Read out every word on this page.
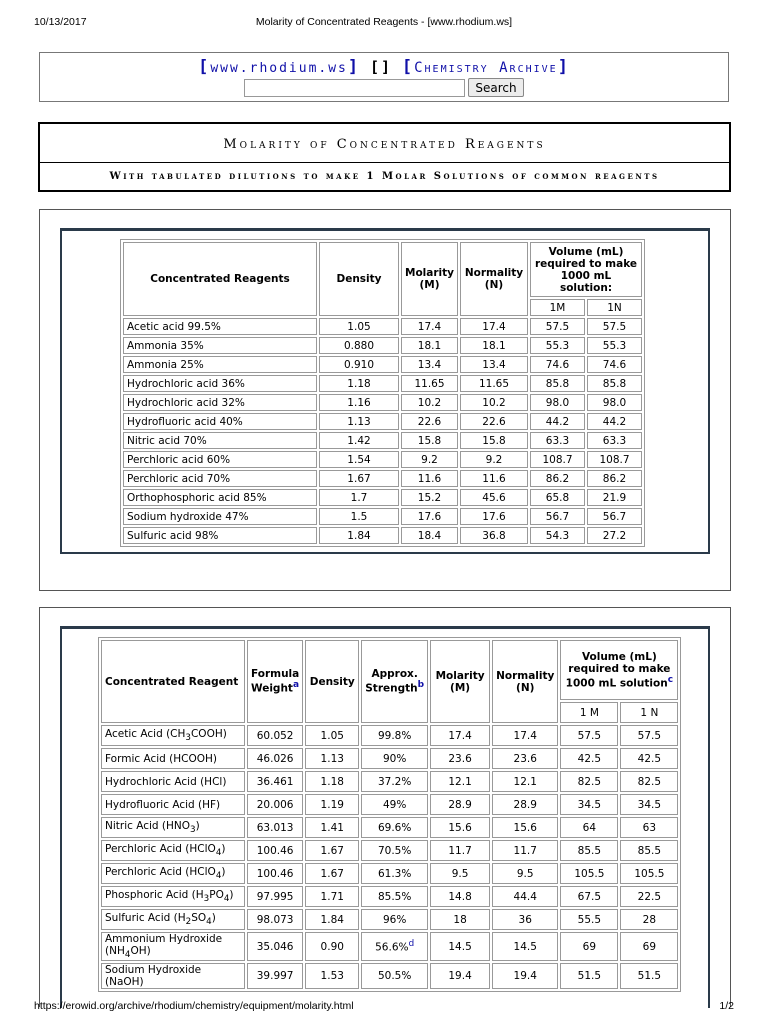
10/13/2017	Molarity of Concentrated Reagents - [www.rhodium.ws]
[www.rhodium.ws] [] [Chemistry Archive]
Search
Molarity of Concentrated Reagents
With tabulated dilutions to make 1 Molar Solutions of common reagents
Concentrated Reagents	Density	Molarity (M)	Normality (N)	Volume (mL) required to make 1000 mL solution:	
				1M	1N
Acetic acid 99.5%	1.05	17.4	17.4	57.5	57.5
Ammonia 35%	0.880	18.1	18.1	55.3	55.3
Ammonia 25%	0.910	13.4	13.4	74.6	74.6
Hydrochloric acid 36%	1.18	11.65	11.65	85.8	85.8
Hydrochloric acid 32%	1.16	10.2	10.2	98.0	98.0
Hydrofluoric acid 40%	1.13	22.6	22.6	44.2	44.2
Nitric acid 70%	1.42	15.8	15.8	63.3	63.3
Perchloric acid 60%	1.54	9.2	9.2	108.7	108.7
Perchloric acid 70%	1.67	11.6	11.6	86.2	86.2
Orthophosphoric acid 85%	1.7	15.2	45.6	65.8	21.9
Sodium hydroxide 47%	1.5	17.6	17.6	56.7	56.7
Sulfuric acid 98%	1.84	18.4	36.8	54.3	27.2
Concentrated Reagent	Formula Weight$^a$	Density	Approx. Strength$^b$	Molarity (M)	Normality (N)	Volume (mL) required to make 1000 mL solution$^c$
						1 M	1 N
Acetic Acid $(CH_3COOH)$	60.052	1.05	99.8%	17.4	17.4	57.5	57.5
Formic Acid (HCOOH)	46.026	1.13	90%	23.6	23.6	42.5	42.5
Hydrochloric Acid (HCl)	36.461	1.18	37.2%	12.1	12.1	82.5	82.5
Hydrofluoric Acid (HF)	20.006	1.19	49%	28.9	28.9	34.5	34.5
Nitric Acid $(HNO_3)$	63.013	1.41	69.6%	15.6	15.6	64	63
Perchloric Acid (HClO$_4$)	100.46	1.67	70.5%	11.7	11.7	85.5	85.5
Perchloric Acid (HClO$_4$)	100.46	1.67	61.3%	9.5	9.5	105.5	105.5
Phosphoric Acid $(H_3PO_4)$	97.995	1.71	85.5%	14.8	44.4	67.5	22.5
Sulfuric Acid $(H_2SO_4)$	98.073	1.84	96%	18	36	55.5	28
Ammonium Hydroxide $(NH_4OH)$	35.046	0.90	56.6%$^d$	14.5	14.5	69	69
Sodium Hydroxide (NaOH)	39.997	1.53	50.5%	19.4	19.4	51.5	51.5
https://erowid.org/archive/rhodium/chemistry/equipment/molarity.html	1/2
